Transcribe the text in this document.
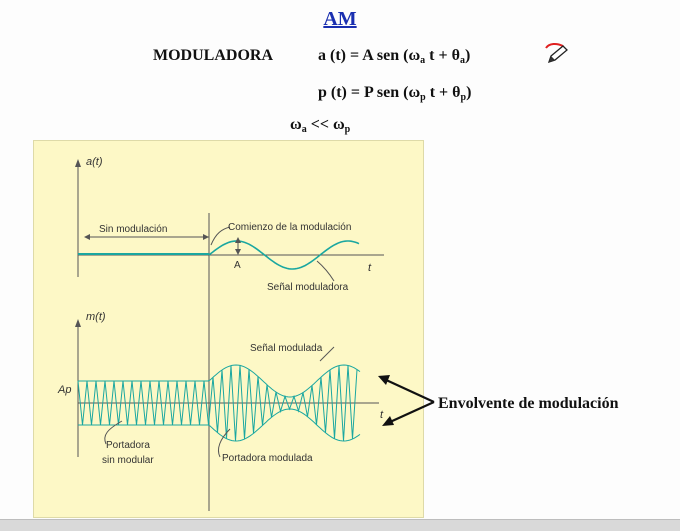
AM
MODULADORA	a (t) = A sen ($\omega_a$ $t + \theta_a$)
p (t) = P sen ($\omega_p$ $t + \theta_p$)
$\omega_a << \omega_p$
a(t)
t
Sin modulación	Comienzo de la modulación
A
Señal moduladora
m(t)
t
Ap
Señal modulada
Portadora
sin modular	Portadora modulada
Envolvente de modulación
